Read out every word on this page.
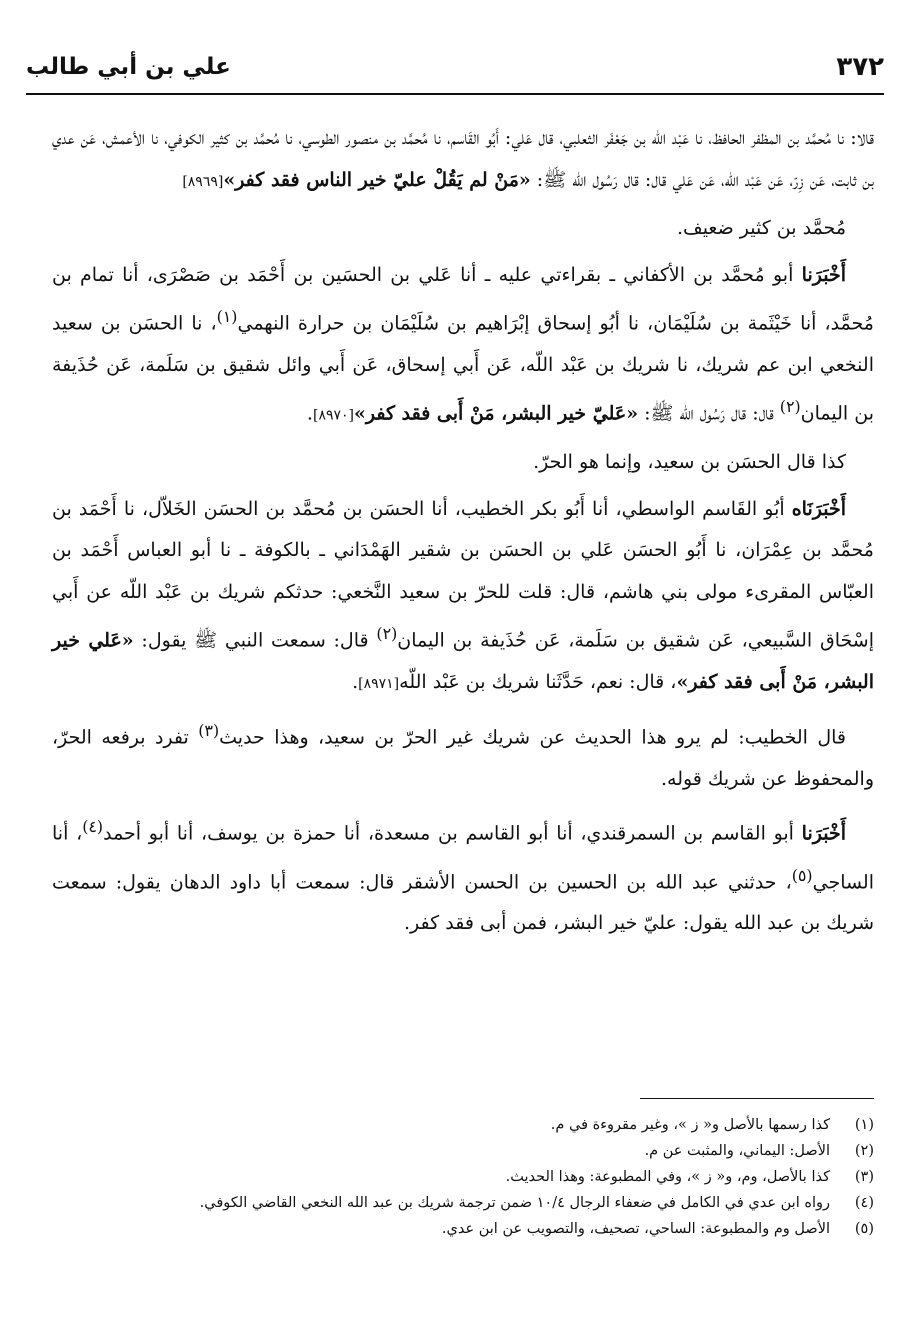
٣٧٢
علي بن أبي طالب

قالا: نا مُحمَّد بن المظفر الحافظ، نا عَبْد اللّه بن جَعْفَر الثعلبي، قال عَلي: أَبُو القَاسم، نا مُحمَّد بن منصور الطوسي، نا مُحمَّد بن كثير الكوفي، نا الأعمش، عَن عدي بن ثابت، عَن زِرّ، عَن عَبْد اللّه، عَن عَلي قال: قال رَسُول الله ﷺ: «مَنْ لم يَقُلْ عليّ خير الناس فقد كفر»[٨٩٦٩]

مُحمَّد بن كثير ضعيف.

أَخْبَرَنا أبو مُحمَّد بن الأكفاني ـ بقراءتي عليه ـ أنا عَلي بن الحسَين بن أَحْمَد بن صَصْرَى، أنا تمام بن مُحمَّد، أنا خَيْثَمة بن سُلَيْمَان، نا أبُو إسحاق إبْرَاهيم بن سُلَيْمَان بن حرارة النهمي$^{(١)}$، نا الحسَن بن سعيد النخعي ابن عم شريك، نا شريك بن عَبْد اللّه، عَن أَبي إسحاق، عَن أَبي وائل شقيق بن سَلَمة، عَن حُذَيفة بن اليمان$^{(٢)}$ قال: قال رَسُول الله ﷺ: «عَليّ خير البشر، مَنْ أَبى فقد كفر»[٨٩٧٠].

كذا قال الحسَن بن سعيد، وإنما هو الحرّ.

أَخْبَرَنَاه أبُو القَاسم الواسطي، أنا أَبُو بكر الخطيب، أنا الحسَن بن مُحمَّد بن الحسَن الخَلاّل، نا أَحْمَد بن مُحمَّد بن عِمْرَان، نا أَبُو الحسَن عَلي بن الحسَن بن شقير الهَمْدَاني ـ بالكوفة ـ نا أبو العباس أَحْمَد بن العبّاس المقرىء مولى بني هاشم، قال: قلت للحرّ بن سعيد النَّخعي: حدثكم شريك بن عَبْد اللّه عن أَبي إسْحَاق السَّبيعي، عَن شقيق بن سَلَمة، عَن حُذَيفة بن اليمان$^{(٢)}$ قال: سمعت النبي ﷺ يقول: «عَلي خير البشر، مَنْ أَبى فقد كفر»، قال: نعم، حَدَّثَنا شريك بن عَبْد اللّه[٨٩٧١].

قال الخطيب: لم يرو هذا الحديث عن شريك غير الحرّ بن سعيد، وهذا حديث$^{(٣)}$ تفرد برفعه الحرّ، والمحفوظ عن شريك قوله.

أَخْبَرَنا أبو القاسم بن السمرقندي، أنا أبو القاسم بن مسعدة، أنا حمزة بن يوسف، أنا أبو أحمد$^{(٤)}$، أنا الساجي$^{(٥)}$، حدثني عبد الله بن الحسين بن الحسن الأشقر قال: سمعت أبا داود الدهان يقول: سمعت شريك بن عبد الله يقول: عليّ خير البشر، فمن أبى فقد كفر.

(١)
كذا رسمها بالأصل و« ز »، وغير مقروءة في م.
(٢)
الأصل: اليماني، والمثبت عن م.
(٣)
كذا بالأصل، وم، و« ز »، وفي المطبوعة: وهذا الحديث.
(٤)
رواه ابن عدي في الكامل في ضعفاء الرجال ١٠/٤ ضمن ترجمة شريك بن عبد الله النخعي القاضي الكوفي.
(٥)
الأصل وم والمطبوعة: الساحي، تصحيف، والتصويب عن ابن عدي.
